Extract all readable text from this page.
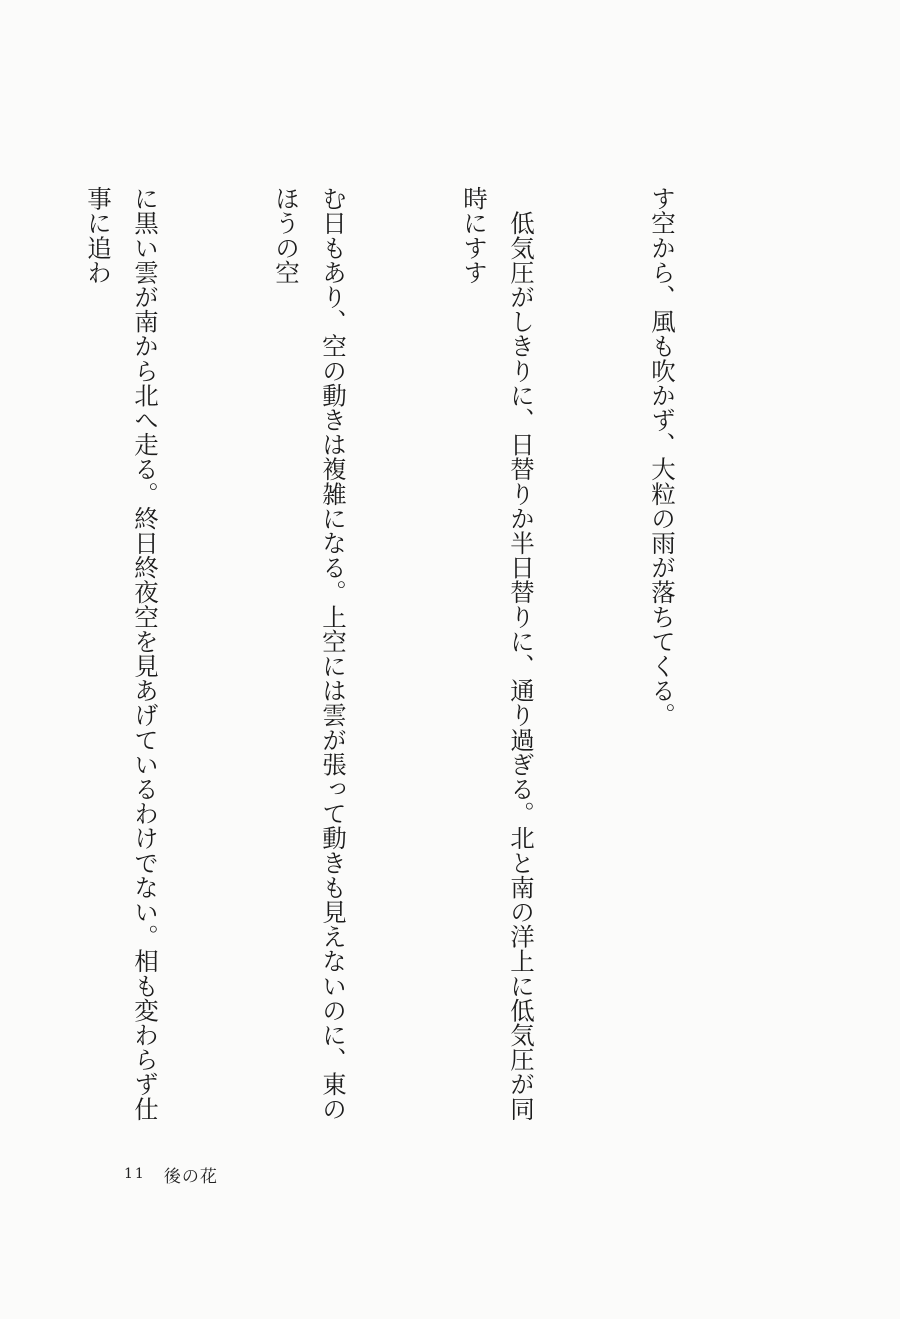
す空から、風も吹かず、大粒の雨が落ちてくる。

　低気圧がしきりに、日替りか半日替りに、通り過ぎる。北と南の洋上に低気圧が同時にすす

む日もあり、空の動きは複雑になる。上空には雲が張って動きも見えないのに、東のほうの空

に黒い雲が南から北へ走る。終日終夜空を見あげているわけでない。相も変わらず仕事に追わ

11 後の花
